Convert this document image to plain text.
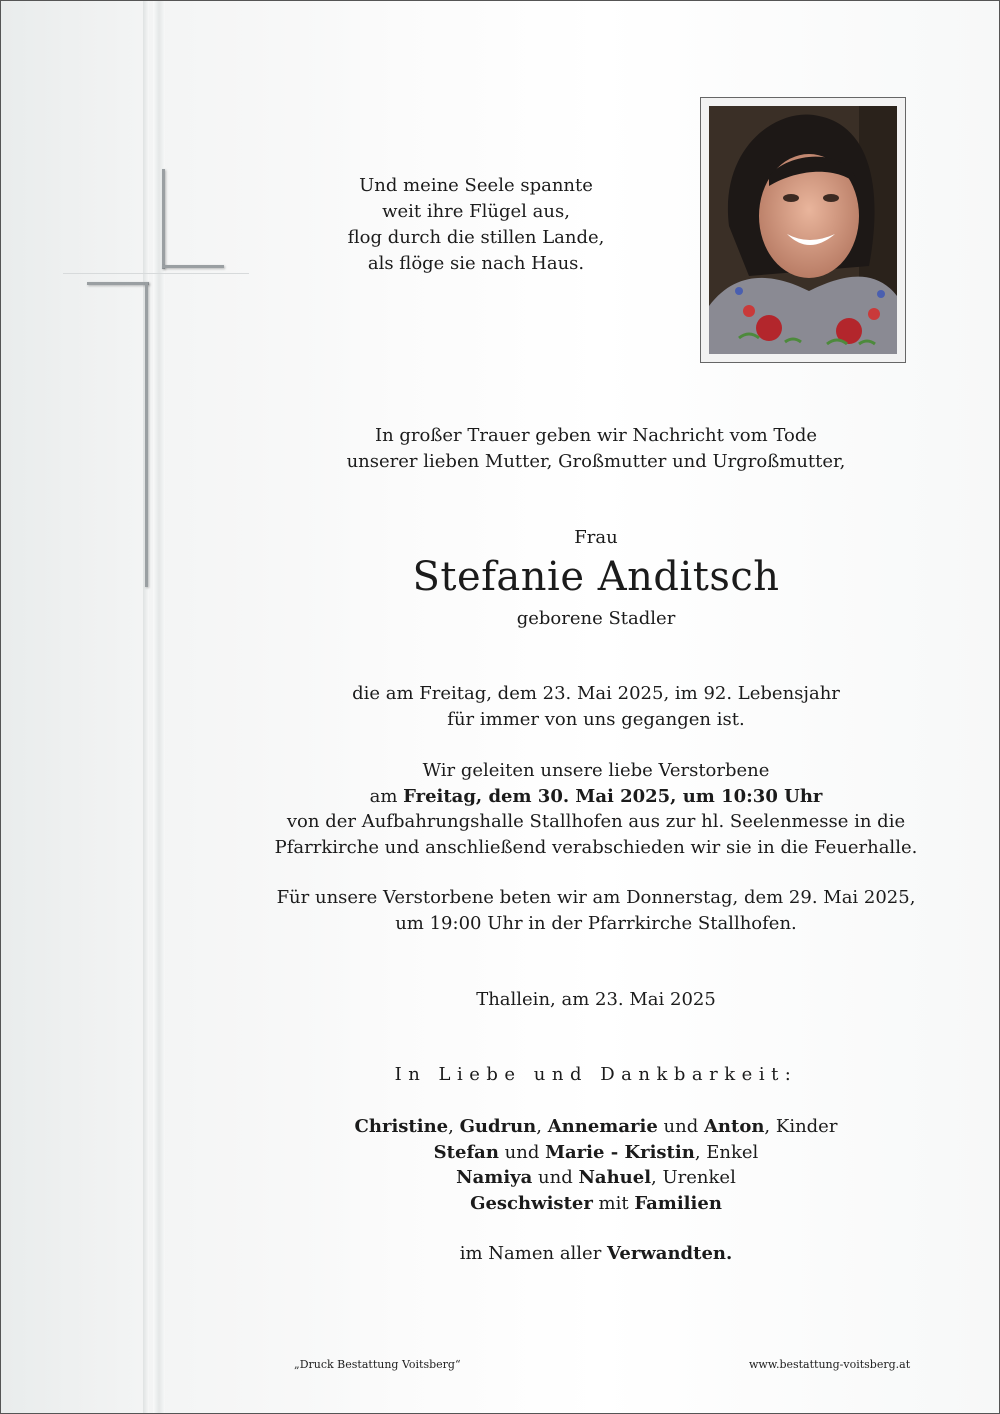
Und meine Seele spannte
weit ihre Flügel aus,
flog durch die stillen Lande,
als flöge sie nach Haus.
In großer Trauer geben wir Nachricht vom Tode
unserer lieben Mutter, Großmutter und Urgroßmutter,
Frau
Stefanie Anditsch
geborene Stadler
die am Freitag, dem 23. Mai 2025, im 92. Lebensjahr
für immer von uns gegangen ist.
Wir geleiten unsere liebe Verstorbene
am Freitag, dem 30. Mai 2025, um 10:30 Uhr
von der Aufbahrungshalle Stallhofen aus zur hl. Seelenmesse in die
Pfarrkirche und anschließend verabschieden wir sie in die Feuerhalle.
Für unsere Verstorbene beten wir am Donnerstag, dem 29. Mai 2025,
um 19:00 Uhr in der Pfarrkirche Stallhofen.
Thallein, am 23. Mai 2025
In Liebe und Dankbarkeit:
Christine, Gudrun, Annemarie und Anton, Kinder
Stefan und Marie - Kristin, Enkel
Namiya und Nahuel, Urenkel
Geschwister mit Familien
im Namen aller Verwandten.
„Druck Bestattung Voitsberg“	www.bestattung-voitsberg.at
